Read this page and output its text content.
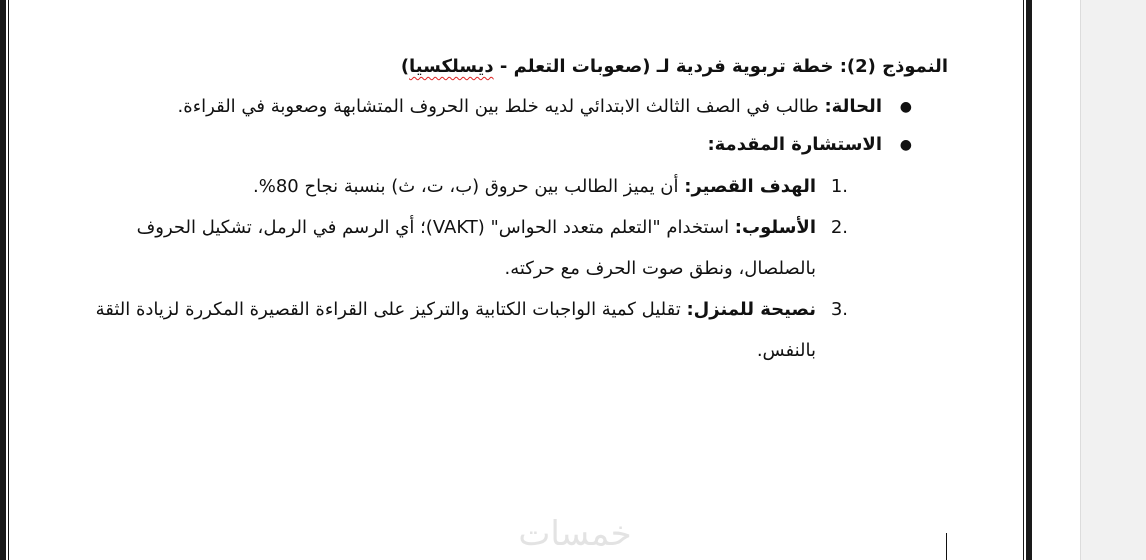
النموذج (2): خطة تربوية فردية لـ (صعوبات التعلم - ديسلكسيا)

●
الحالة: طالب في الصف الثالث الابتدائي لديه خلط بين الحروف المتشابهة وصعوبة في القراءة.
●
الاستشارة المقدمة:
1.
الهدف القصير: أن يميز الطالب بين حروق (ب، ت، ث) بنسبة نجاح 80%.
2.
الأسلوب: استخدام "التعلم متعدد الحواس" (VAKT)؛ أي الرسم في الرمل، تشكيل الحروف بالصلصال، ونطق صوت الحرف مع حركته.
3.
نصيحة للمنزل: تقليل كمية الواجبات الكتابية والتركيز على القراءة القصيرة المكررة لزيادة الثقة بالنفس.
خمسات
